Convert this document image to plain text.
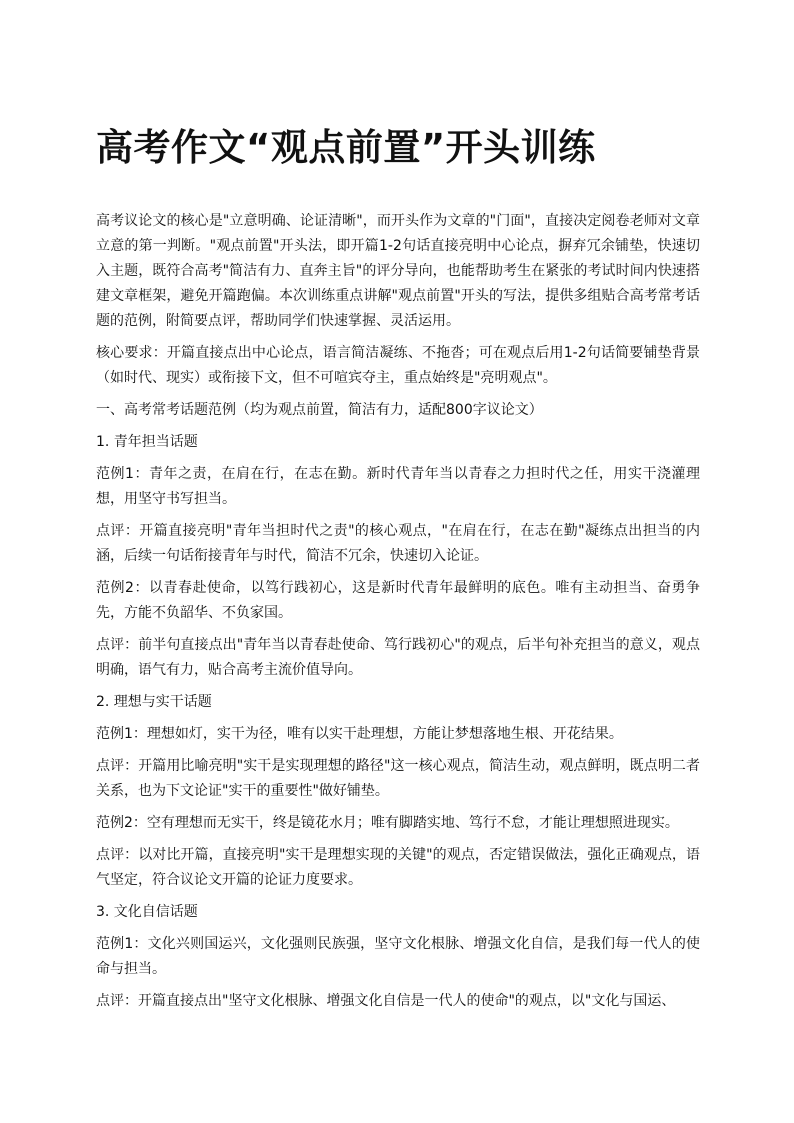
高考作文“观点前置”开头训练

高考议论文的核心是"立意明确、论证清晰"，而开头作为文章的"门面"，直接决定阅卷老师对文章立意的第一判断。"观点前置"开头法，即开篇1-2句话直接亮明中心论点，摒弃冗余铺垫，快速切入主题，既符合高考"简洁有力、直奔主旨"的评分导向，也能帮助考生在紧张的考试时间内快速搭建文章框架，避免开篇跑偏。本次训练重点讲解"观点前置"开头的写法，提供多组贴合高考常考话题的范例，附简要点评，帮助同学们快速掌握、灵活运用。

核心要求：开篇直接点出中心论点，语言简洁凝练、不拖沓；可在观点后用1-2句话简要铺垫背景（如时代、现实）或衔接下文，但不可喧宾夺主，重点始终是"亮明观点"。

一、高考常考话题范例（均为观点前置，简洁有力，适配800字议论文）

1. 青年担当话题

范例1：青年之责，在肩在行，在志在勤。新时代青年当以青春之力担时代之任，用实干浇灌理想，用坚守书写担当。

点评：开篇直接亮明"青年当担时代之责"的核心观点，"在肩在行，在志在勤"凝练点出担当的内涵，后续一句话衔接青年与时代，简洁不冗余，快速切入论证。

范例2：以青春赴使命，以笃行践初心，这是新时代青年最鲜明的底色。唯有主动担当、奋勇争先，方能不负韶华、不负家国。

点评：前半句直接点出"青年当以青春赴使命、笃行践初心"的观点，后半句补充担当的意义，观点明确，语气有力，贴合高考主流价值导向。

2. 理想与实干话题

范例1：理想如灯，实干为径，唯有以实干赴理想，方能让梦想落地生根、开花结果。

点评：开篇用比喻亮明"实干是实现理想的路径"这一核心观点，简洁生动，观点鲜明，既点明二者关系，也为下文论证"实干的重要性"做好铺垫。

范例2：空有理想而无实干，终是镜花水月；唯有脚踏实地、笃行不怠，才能让理想照进现实。

点评：以对比开篇，直接亮明"实干是理想实现的关键"的观点，否定错误做法，强化正确观点，语气坚定，符合议论文开篇的论证力度要求。

3. 文化自信话题

范例1：文化兴则国运兴，文化强则民族强，坚守文化根脉、增强文化自信，是我们每一代人的使命与担当。

点评：开篇直接点出"坚守文化根脉、增强文化自信是一代人的使命"的观点，以"文化与国运、
